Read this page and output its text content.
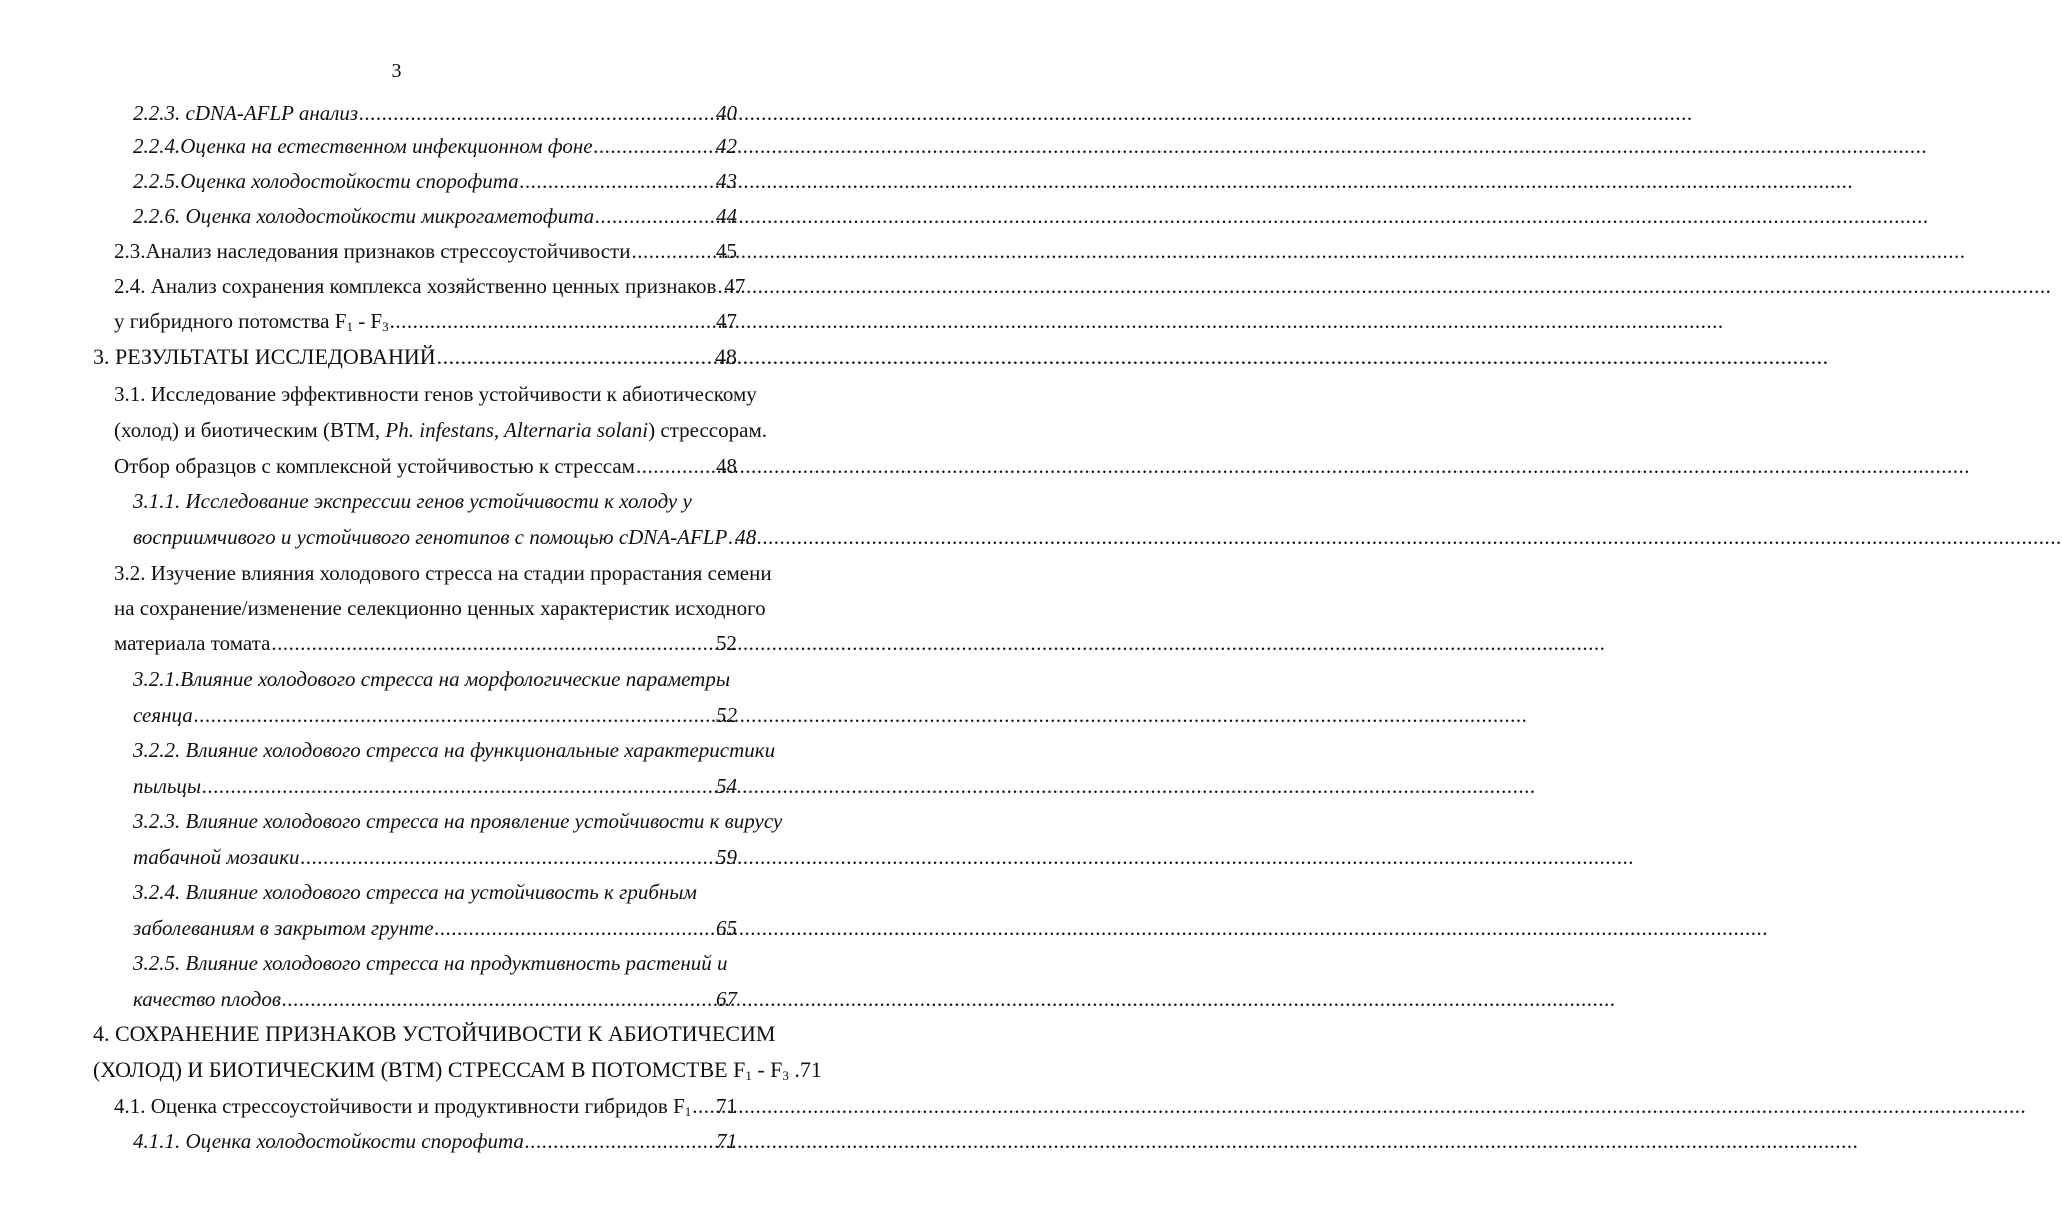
3
2.2.3. cDNA-AFLP анализ .....	40
2.2.4. Оценка на естественном инфекционном фоне .....	42
2.2.5. Оценка холодостойкости спорофита .....	43
2.2.6. Оценка холодостойкости микрогаметофита .....	44
2.3. Анализ наследования признаков стрессоустойчивости .....	45
2.4. Анализ сохранения комплекса хозяйственно ценных признаков ..... 47
у гибридного потомства $F_1 - F_3$ .....	47
3. РЕЗУЛЬТАТЫ ИССЛЕДОВАНИЙ .....	48
3.1. Исследование эффективности генов устойчивости к абиотическому
(холод) и биотическим (ВТМ, Ph. infestans, Alternaria solani) стрессорам.
Отбор образцов с комплексной устойчивостью к стрессам .....	48
3.1.1. Исследование экспрессии генов устойчивости к холоду у
восприимчивого и устойчивого генотипов с помощью cDNA-AFLP ..... 48
3.2. Изучение влияния холодового стресса на стадии прорастания семени
на сохранение/изменение селекционно ценных характеристик исходного
материала томата .....	52
3.2.1.Влияние холодового стресса на морфологические параметры
сеянца .....	52
3.2.2. Влияние холодового стресса на функциональные характеристики
пыльцы .....	54
3.2.3. Влияние холодового стресса на проявление устойчивости к вирусу
табачной мозаики .....	59
3.2.4. Влияние холодового стресса на устойчивость к грибным
заболеваниям в закрытом грунте .....	65
3.2.5. Влияние холодового стресса на продуктивность растений и
качество плодов .....	67
4. СОХРАНЕНИЕ ПРИЗНАКОВ УСТОЙЧИВОСТИ К АБИОТИЧЕСИМ
(ХОЛОД) И БИОТИЧЕСКИМ (ВТМ) СТРЕССАМ В ПОТОМСТВЕ $F_1 - F_3$ .71
4.1. Оценка стрессоустойчивости и продуктивности гибридов $F_1$ ..... 71
4.1.1. Оценка холодостойкости спорофита .....	71
